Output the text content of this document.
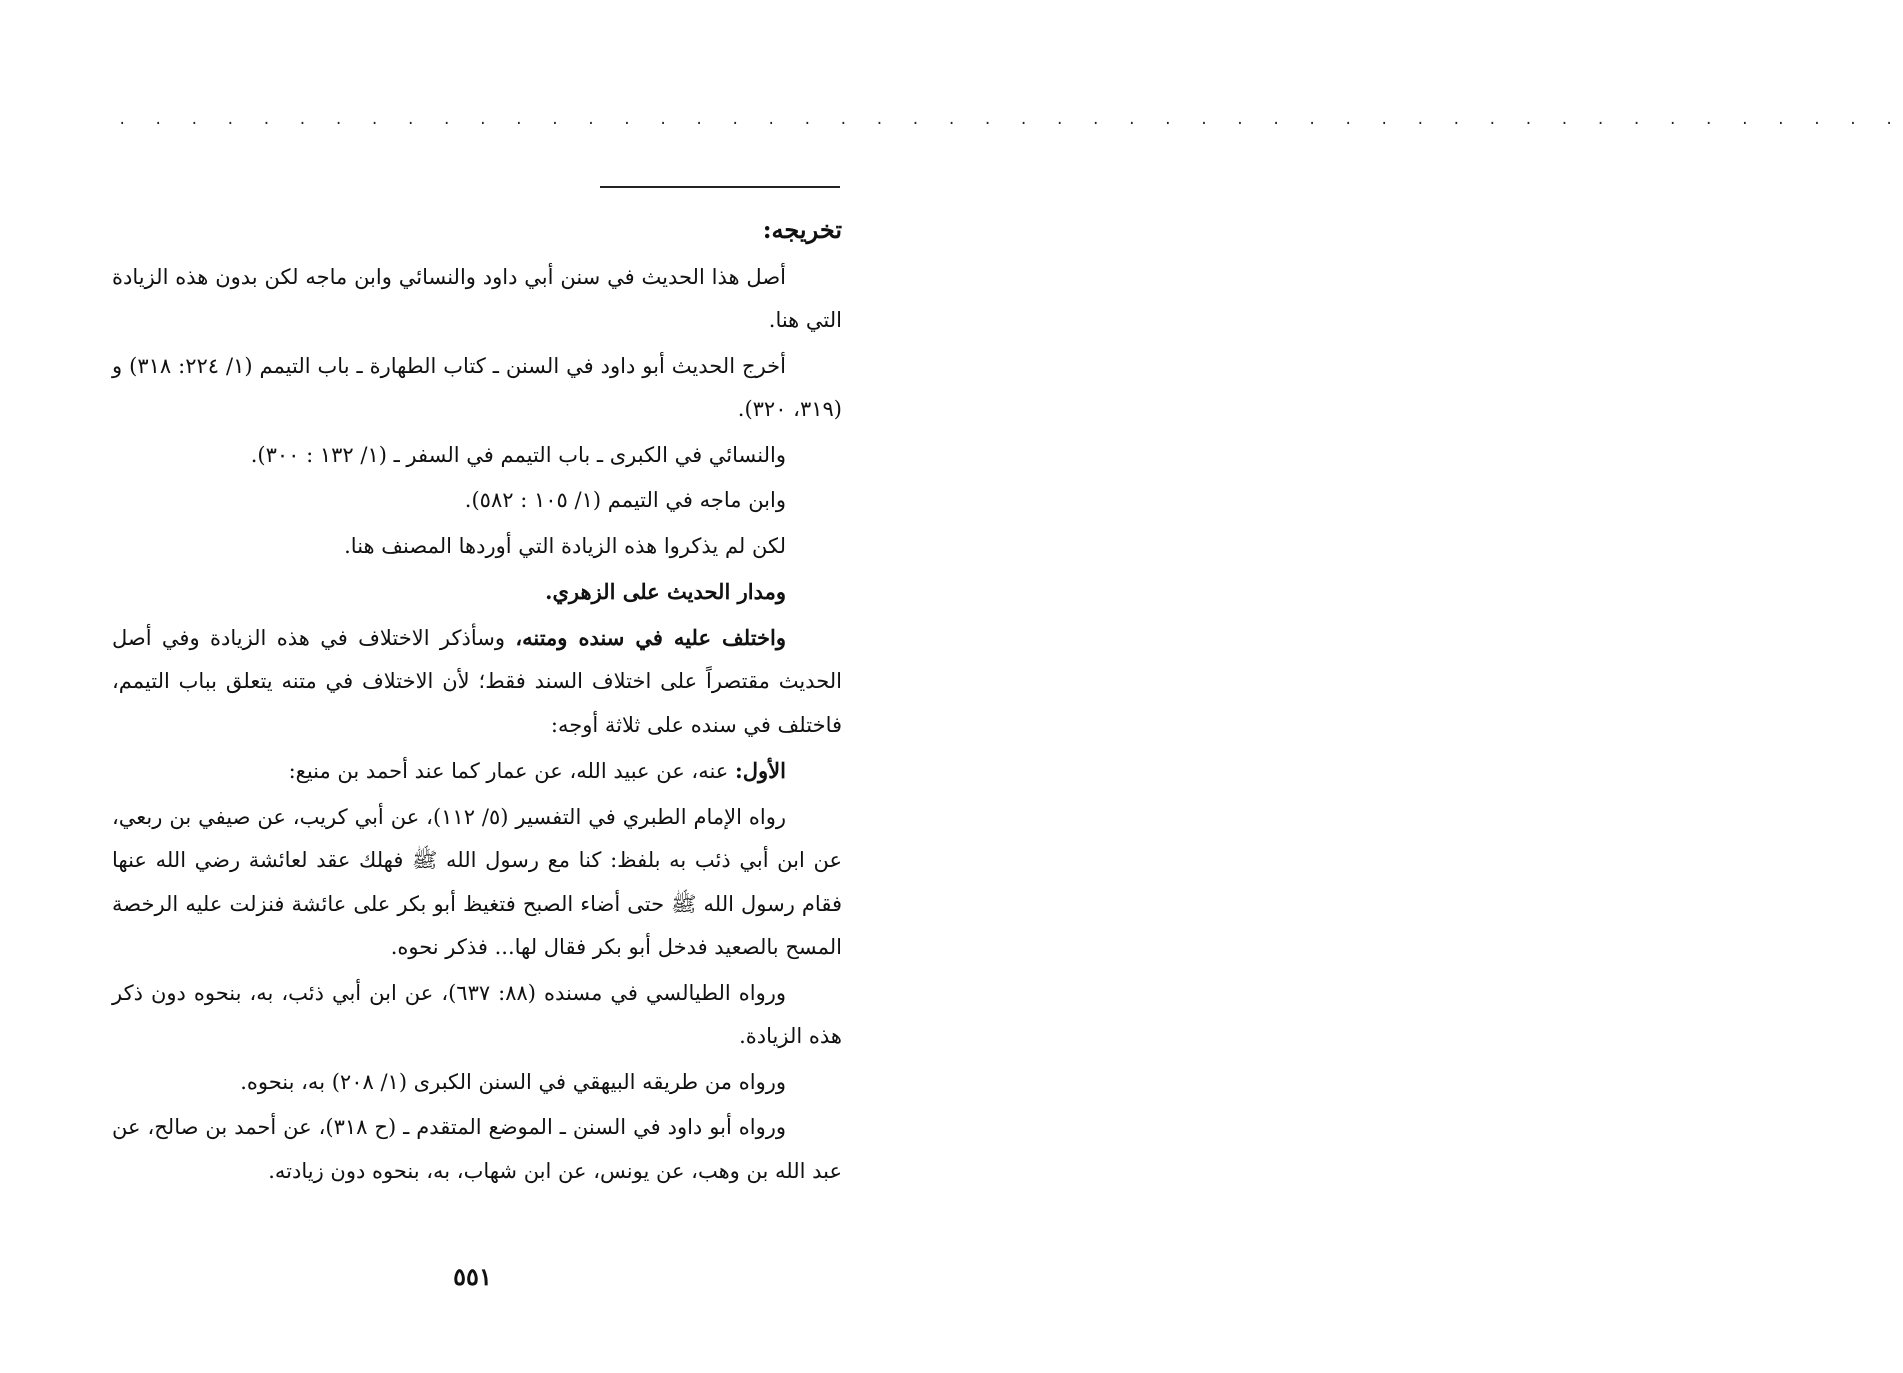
. . . . . . . . . . . . . . . . . . . . . . . . . . . . . . . . . . . . . . . . . . . . . . . . . .

تخريجه:

أصل هذا الحديث في سنن أبي داود والنسائي وابن ماجه لكن بدون هذه الزيادة التي هنا.

أخرج الحديث أبو داود في السنن ـ كتاب الطهارة ـ باب التيمم (١/ ٢٢٤: ٣١٨) و (٣١٩، ٣٢٠).

والنسائي في الكبرى ـ باب التيمم في السفر ـ (١/ ١٣٢ : ٣٠٠).

وابن ماجه في التيمم (١/ ١٠٥ : ٥٨٢).

لكن لم يذكروا هذه الزيادة التي أوردها المصنف هنا.

ومدار الحديث على الزهري.

واختلف عليه في سنده ومتنه، وسأذكر الاختلاف في هذه الزيادة وفي أصل الحديث مقتصراً على اختلاف السند فقط؛ لأن الاختلاف في متنه يتعلق بباب التيمم، فاختلف في سنده على ثلاثة أوجه:

الأول: عنه، عن عبيد الله، عن عمار كما عند أحمد بن منيع:

رواه الإمام الطبري في التفسير (٥/ ١١٢)، عن أبي كريب، عن صيفي بن ربعي، عن ابن أبي ذئب به بلفظ: كنا مع رسول الله ﷺ فهلك عقد لعائشة رضي الله عنها فقام رسول الله ﷺ حتى أضاء الصبح فتغيظ أبو بكر على عائشة فنزلت عليه الرخصة المسح بالصعيد فدخل أبو بكر فقال لها... فذكر نحوه.

ورواه الطيالسي في مسنده (٨٨: ٦٣٧)، عن ابن أبي ذئب، به، بنحوه دون ذكر هذه الزيادة.

ورواه من طريقه البيهقي في السنن الكبرى (١/ ٢٠٨) به، بنحوه.

ورواه أبو داود في السنن ـ الموضع المتقدم ـ (ح ٣١٨)، عن أحمد بن صالح، عن عبد الله بن وهب، عن يونس، عن ابن شهاب، به، بنحوه دون زيادته.

٥٥١
